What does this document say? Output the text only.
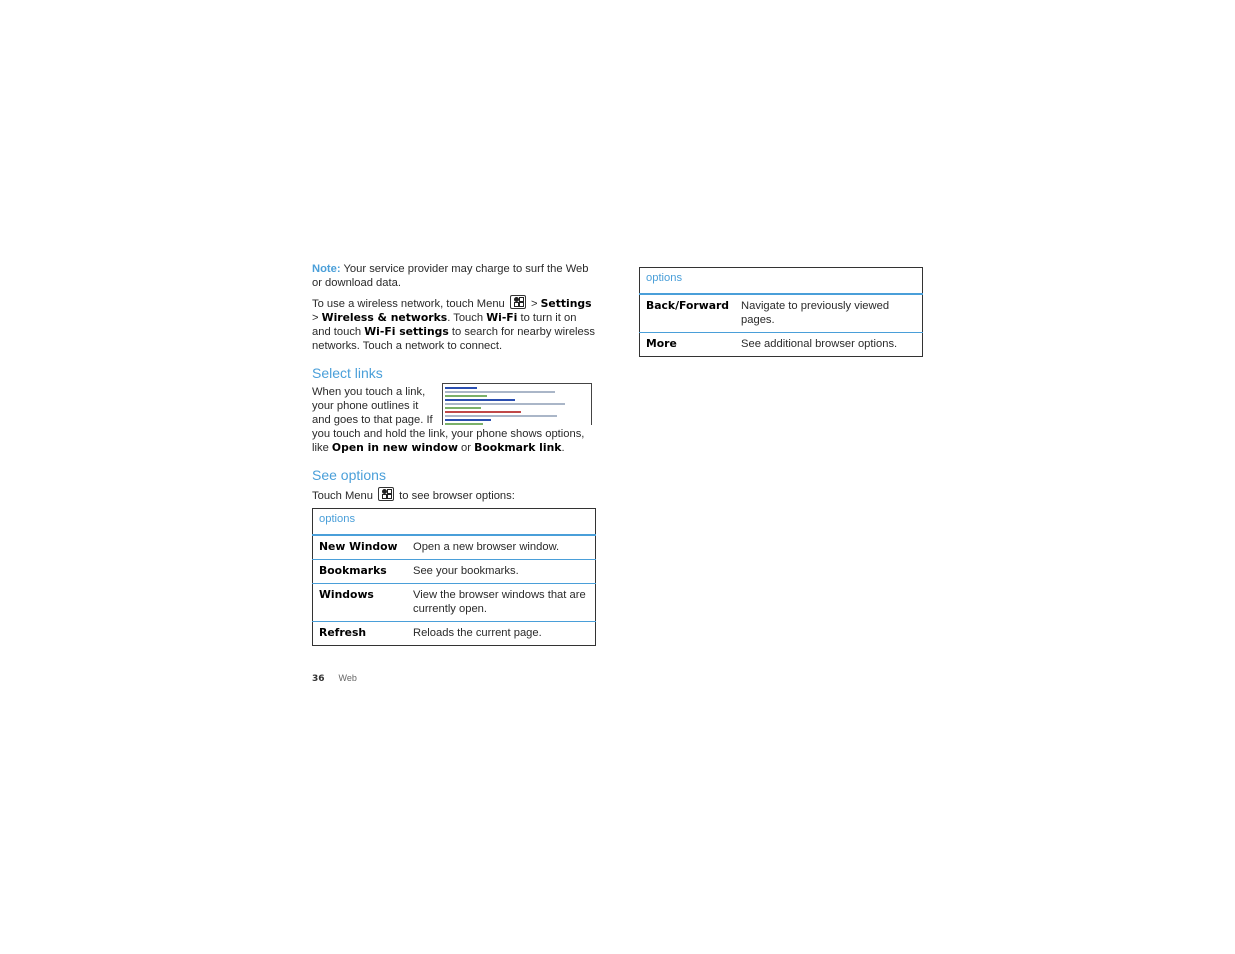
Note: Your service provider may charge to surf the Web or download data.

To use a wireless network, touch Menu
> Settings > Wireless & networks. Touch Wi-Fi to turn it on and touch Wi-Fi settings to search for nearby wireless networks. Touch a network to connect.

Select links

When you touch a link, your phone outlines it and goes to that page. If you touch and hold the link, your phone shows options, like Open in new window or Bookmark link.

See options

Touch Menu
to see browser options:

options	
New Window	Open a new browser window.
Bookmarks	See your bookmarks.
Windows	View the browser windows that are currently open.
Refresh	Reloads the current page.
options	
Back/Forward	Navigate to previously viewed pages.
More	See additional browser options.
36 Web
